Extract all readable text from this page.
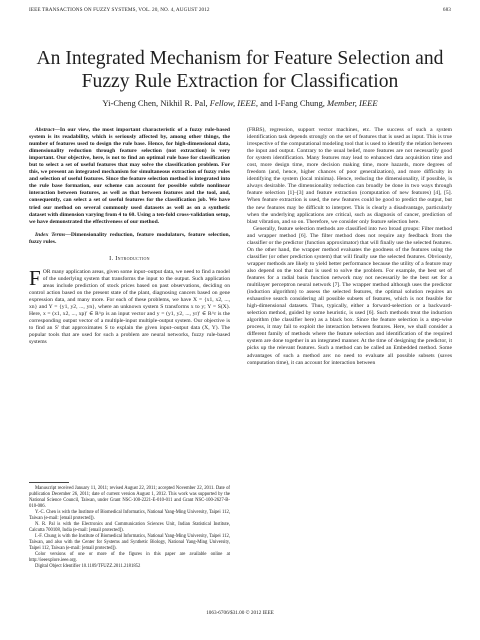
IEEE TRANSACTIONS ON FUZZY SYSTEMS, VOL. 20, NO. 4, AUGUST 2012	683
An Integrated Mechanism for Feature Selection and Fuzzy Rule Extraction for Classification
Yi-Cheng Chen, Nikhil R. Pal, Fellow, IEEE, and I-Fang Chung, Member, IEEE

Abstract—In our view, the most important characteristic of a fuzzy rule-based system is its readability, which is seriously affected by, among other things, the number of features used to design the rule base. Hence, for high-dimensional data, dimensionality reduction through feature selection (not extraction) is very important. Our objective, here, is not to find an optimal rule base for classification but to select a set of useful features that may solve the classification problem. For this, we present an integrated mechanism for simultaneous extraction of fuzzy rules and selection of useful features. Since the feature selection method is integrated into the rule base formation, our scheme can account for possible subtle nonlinear interaction between features, as well as that between features and the tool, and, consequently, can select a set of useful features for the classification job. We have tried our method on several commonly used datasets as well as on a synthetic dataset with dimension varying from 4 to 60. Using a ten-fold cross-validation setup, we have demonstrated the effectiveness of our method.

Index Terms—Dimensionality reduction, feature modulators, feature selection, fuzzy rules.

I. Introduction

FOR many application areas, given some input–output data, we need to find a model of the underlying system that transforms the input to the output. Such application areas include prediction of stock prices based on past observations, deciding on control action based on the present state of the plant, diagnosing cancers based on gene expression data, and many more. For each of these problems, we have X = {x1, x2, ..., xn} and Y = {y1, y2, ..., yn}, where an unknown system S transforms x to y; Y = S(X). Here, x = (x1, x2, ..., xp)′ ∈ R^p is an input vector and y = (y1, y2, ..., yr)′ ∈ R^r is the corresponding output vector of a multiple-input multiple-output system. Our objective is to find an S′ that approximates S to explain the given input–output data (X, Y). The popular tools that are used for such a problem are neural networks, fuzzy rule-based systems

Manuscript received January 11, 2011; revised August 22, 2011; accepted November 22, 2011. Date of publication December 26, 2011; date of current version August 1, 2012. This work was supported by the National Science Council, Taiwan, under Grant NSC-100-2221-E-010-011 and Grant NSC-100-2627-B-010-006.

Y.-C. Chen is with the Institute of Biomedical Informatics, National Yang-Ming University, Taipei 112, Taiwan (e-mail: [email protected]).

N. R. Pal is with the Electronics and Communication Sciences Unit, Indian Statistical Institute, Calcutta 700108, India (e-mail: [email protected]).

I.-F. Chung is with the Institute of Biomedical Informatics, National Yang-Ming University, Taipei 112, Taiwan, and also with the Center for Systems and Synthetic Biology, National Yang-Ming University, Taipei 112, Taiwan (e-mail: [email protected]).

Color versions of one or more of the figures in this paper are available online at http://ieeexplore.ieee.org.

Digital Object Identifier 10.1109/TFUZZ.2011.2181852

(FRBS), regression, support vector machines, etc. The success of such a system identification task depends strongly on the set of features that is used as input. This is true irrespective of the computational modeling tool that is used to identify the relation between the input and output. Contrary to the usual belief, more features are not necessarily good for system identification. Many features may lead to enhanced data acquisition time and cost, more design time, more decision making time, more hazards, more degrees of freedom (and, hence, higher chances of poor generalization), and more difficulty in identifying the system (local minima). Hence, reducing the dimensionality, if possible, is always desirable. The dimensionality reduction can broadly be done in two ways through feature selection [1]–[3] and feature extraction (computation of new features) [4], [5]. When feature extraction is used, the new features could be good to predict the output, but the new features may be difficult to interpret. This is clearly a disadvantage, particularly when the underlying applications are critical, such as diagnosis of cancer, prediction of blast vibration, and so on. Therefore, we consider only feature selection here.

Generally, feature selection methods are classified into two broad groups: Filter method and wrapper method [6]. The filter method does not require any feedback from the classifier or the predictor (function approximator) that will finally use the selected features. On the other hand, the wrapper method evaluates the goodness of the features using the classifier (or other prediction system) that will finally use the selected features. Obviously, wrapper methods are likely to yield better performance because the utility of a feature may also depend on the tool that is used to solve the problem. For example, the best set of features for a radial basis function network may not necessarily be the best set for a multilayer perceptron neural network [7]. The wrapper method although uses the predictor (induction algorithm) to assess the selected features, the optimal solution requires an exhaustive search considering all possible subsets of features, which is not feasible for high-dimensional datasets. Thus, typically, either a forward-selection or a backward-selection method, guided by some heuristic, is used [6]. Such methods treat the induction algorithm (the classifier here) as a black box. Since the feature selection is a step-wise process, it may fail to exploit the interaction between features. Here, we shall consider a different family of methods where the feature selection and identification of the required system are done together in an integrated manner. At the time of designing the predictor, it picks up the relevant features. Such a method can be called an Embedded method. Some advantages of such a method are: no need to evaluate all possible subsets (saves computation time), it can account for interaction between

1063-6706/$31.00 © 2012 IEEE
